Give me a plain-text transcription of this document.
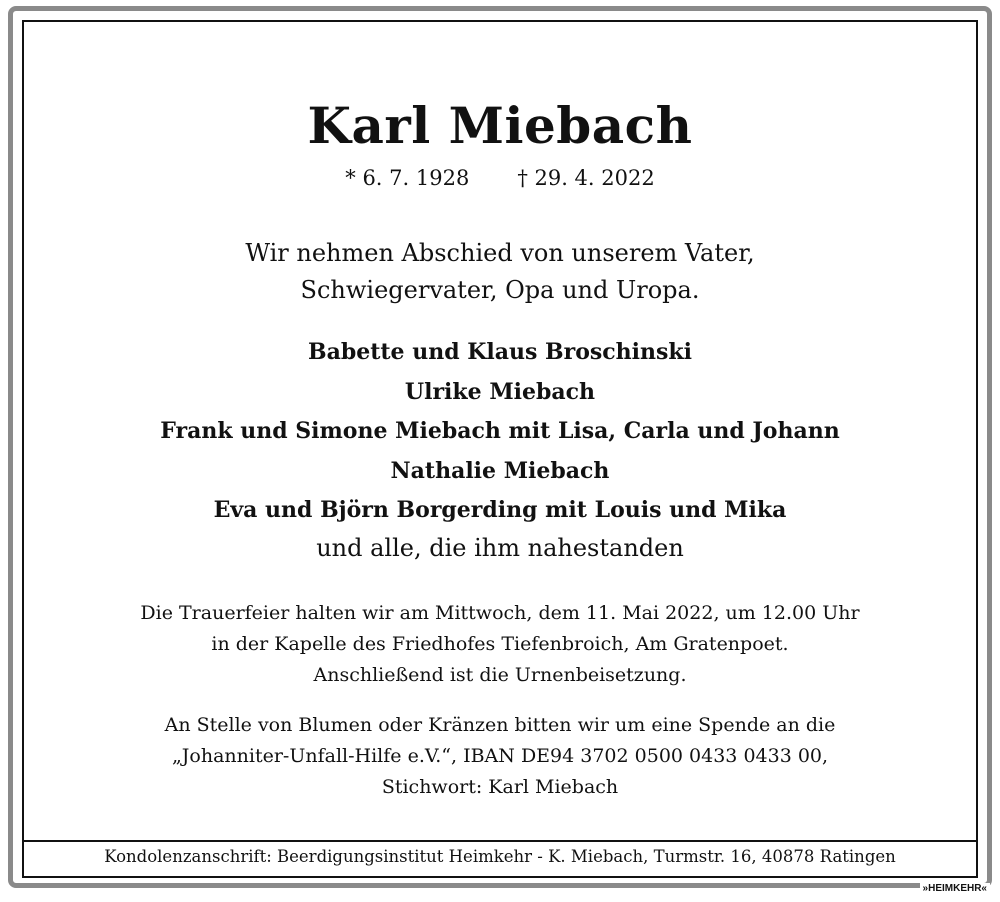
Karl Miebach
* 6. 7. 1928 † 29. 4. 2022
Wir nehmen Abschied von unserem Vater,
Schwiegervater, Opa und Uropa.
Babette und Klaus Broschinski
Ulrike Miebach
Frank und Simone Miebach mit Lisa, Carla und Johann
Nathalie Miebach
Eva und Björn Borgerding mit Louis und Mika
und alle, die ihm nahestanden
Die Trauerfeier halten wir am Mittwoch, dem 11. Mai 2022, um 12.00 Uhr
in der Kapelle des Friedhofes Tiefenbroich, Am Gratenpoet.
Anschließend ist die Urnenbeisetzung.
An Stelle von Blumen oder Kränzen bitten wir um eine Spende an die
„Johanniter-Unfall-Hilfe e.V.“, IBAN DE94 3702 0500 0433 0433 00,
Stichwort: Karl Miebach
Kondolenzanschrift: Beerdigungsinstitut Heimkehr - K. Miebach, Turmstr. 16, 40878 Ratingen
»HEIMKEHR«
